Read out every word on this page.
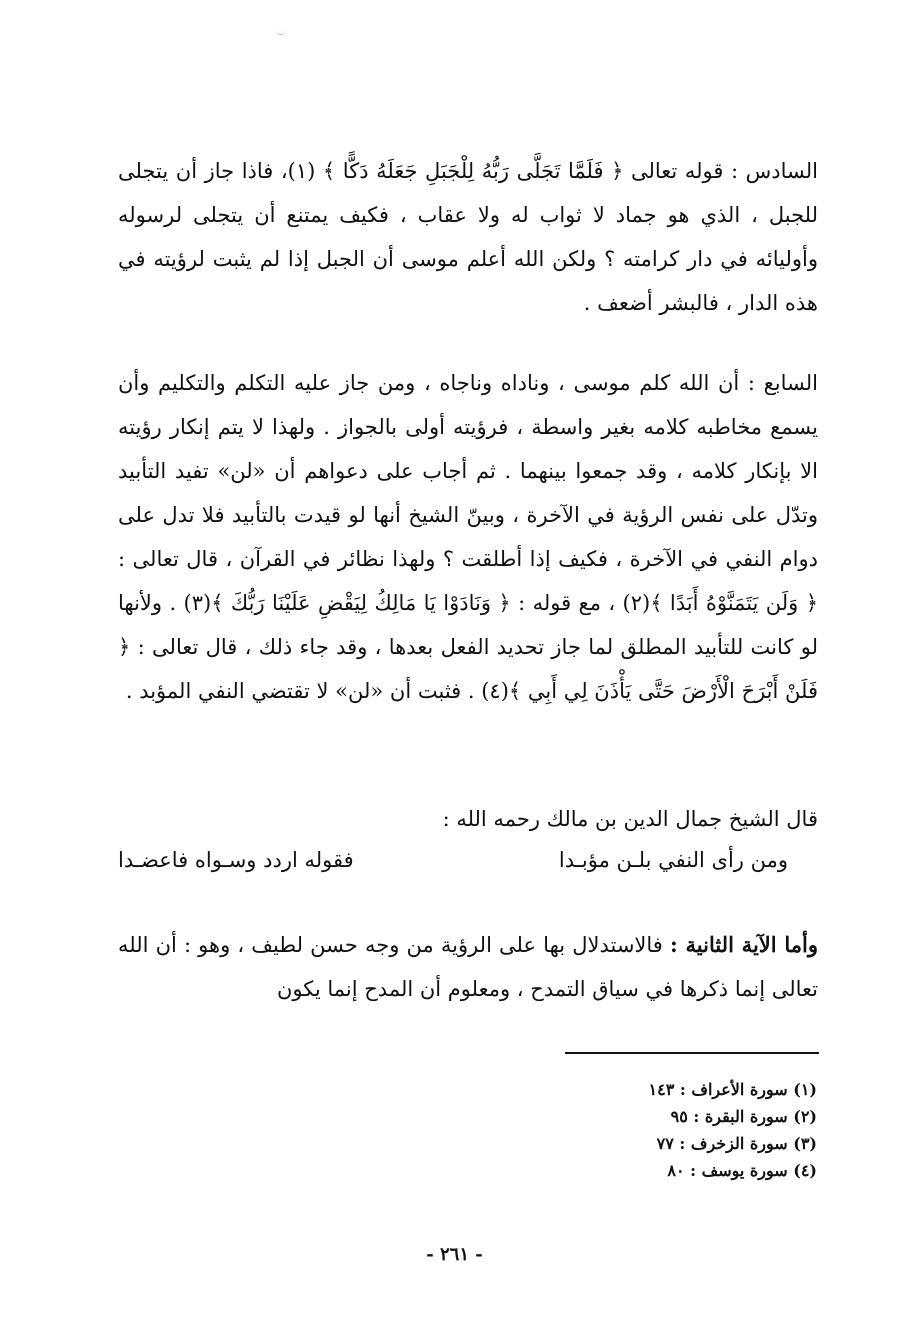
السادس : قوله تعالى ﴿ فَلَمَّا تَجَلَّى رَبُّهُ لِلْجَبَلِ جَعَلَهُ دَكًّا ﴾ (١)، فاذا جاز أن يتجلى للجبل ، الذي هو جماد لا ثواب له ولا عقاب ، فكيف يمتنع أن يتجلى لرسوله وأوليائه في دار كرامته ؟ ولكن الله أعلم موسى أن الجبل إذا لم يثبت لرؤيته في هذه الدار ، فالبشر أضعف .

السابع : أن الله كلم موسى ، وناداه وناجاه ، ومن جاز عليه التكلم والتكليم وأن يسمع مخاطبه كلامه بغير واسطة ، فرؤيته أولى بالجواز . ولهذا لا يتم إنكار رؤيته الا بإنكار كلامه ، وقد جمعوا بينهما . ثم أجاب على دعواهم أن «لن» تفيد التأبيد وتدّل على نفس الرؤية في الآخرة ، وبينّ الشيخ أنها لو قيدت بالتأبيد فلا تدل على دوام النفي في الآخرة ، فكيف إذا أطلقت ؟ ولهذا نظائر في القرآن ، قال تعالى : ﴿ وَلَن يَتَمَنَّوْهُ أَبَدًا ﴾(٢) ، مع قوله : ﴿ وَنَادَوْا يَا مَالِكُ لِيَقْضِ عَلَيْنَا رَبُّكَ ﴾(٣) . ولأنها لو كانت للتأبيد المطلق لما جاز تحديد الفعل بعدها ، وقد جاء ذلك ، قال تعالى : ﴿ فَلَنْ أَبْرَحَ الْأَرْضَ حَتَّى يَأْذَنَ لِي أَبِي ﴾(٤) . فثبت أن «لن» لا تقتضي النفي المؤبد .

قال الشيخ جمال الدين بن مالك رحمه الله :

ومن رأى النفي بلـن مؤبـدا
فقوله اردد وسـواه فاعضـدا

وأما الآية الثانية : فالاستدلال بها على الرؤية من وجه حسن لطيف ، وهو : أن الله تعالى إنما ذكرها في سياق التمدح ، ومعلوم أن المدح إنما يكون

(١) سورة الأعراف : ١٤٣
(٢) سورة البقرة : ٩٥
(٣) سورة الزخرف : ٧٧
(٤) سورة يوسف : ٨٠
- ٢٦١ -
